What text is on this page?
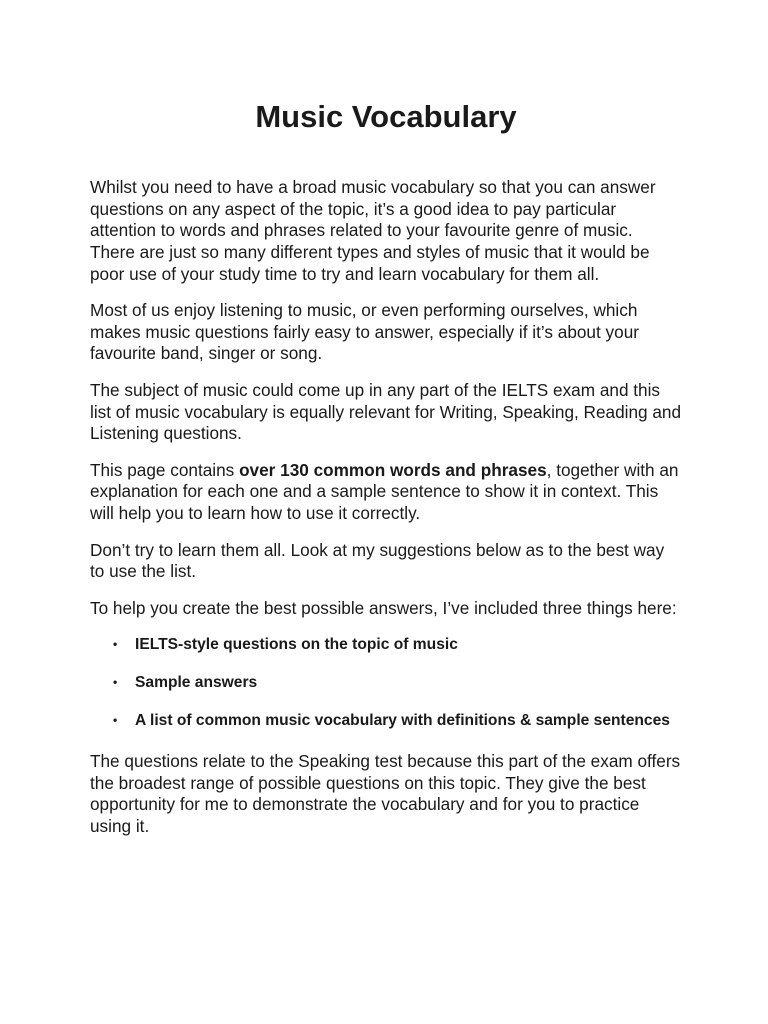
Music Vocabulary

Whilst you need to have a broad music vocabulary so that you can answer questions on any aspect of the topic, it’s a good idea to pay particular attention to words and phrases related to your favourite genre of music. There are just so many different types and styles of music that it would be poor use of your study time to try and learn vocabulary for them all.

Most of us enjoy listening to music, or even performing ourselves, which makes music questions fairly easy to answer, especially if it’s about your favourite band, singer or song.

The subject of music could come up in any part of the IELTS exam and this list of music vocabulary is equally relevant for Writing, Speaking, Reading and Listening questions.

This page contains over 130 common words and phrases, together with an explanation for each one and a sample sentence to show it in context. This will help you to learn how to use it correctly.

Don’t try to learn them all. Look at my suggestions below as to the best way to use the list.

To help you create the best possible answers, I’ve included three things here:

• IELTS-style questions on the topic of music
• Sample answers
• A list of common music vocabulary with definitions & sample sentences

The questions relate to the Speaking test because this part of the exam offers the broadest range of possible questions on this topic. They give the best opportunity for me to demonstrate the vocabulary and for you to practice using it.
